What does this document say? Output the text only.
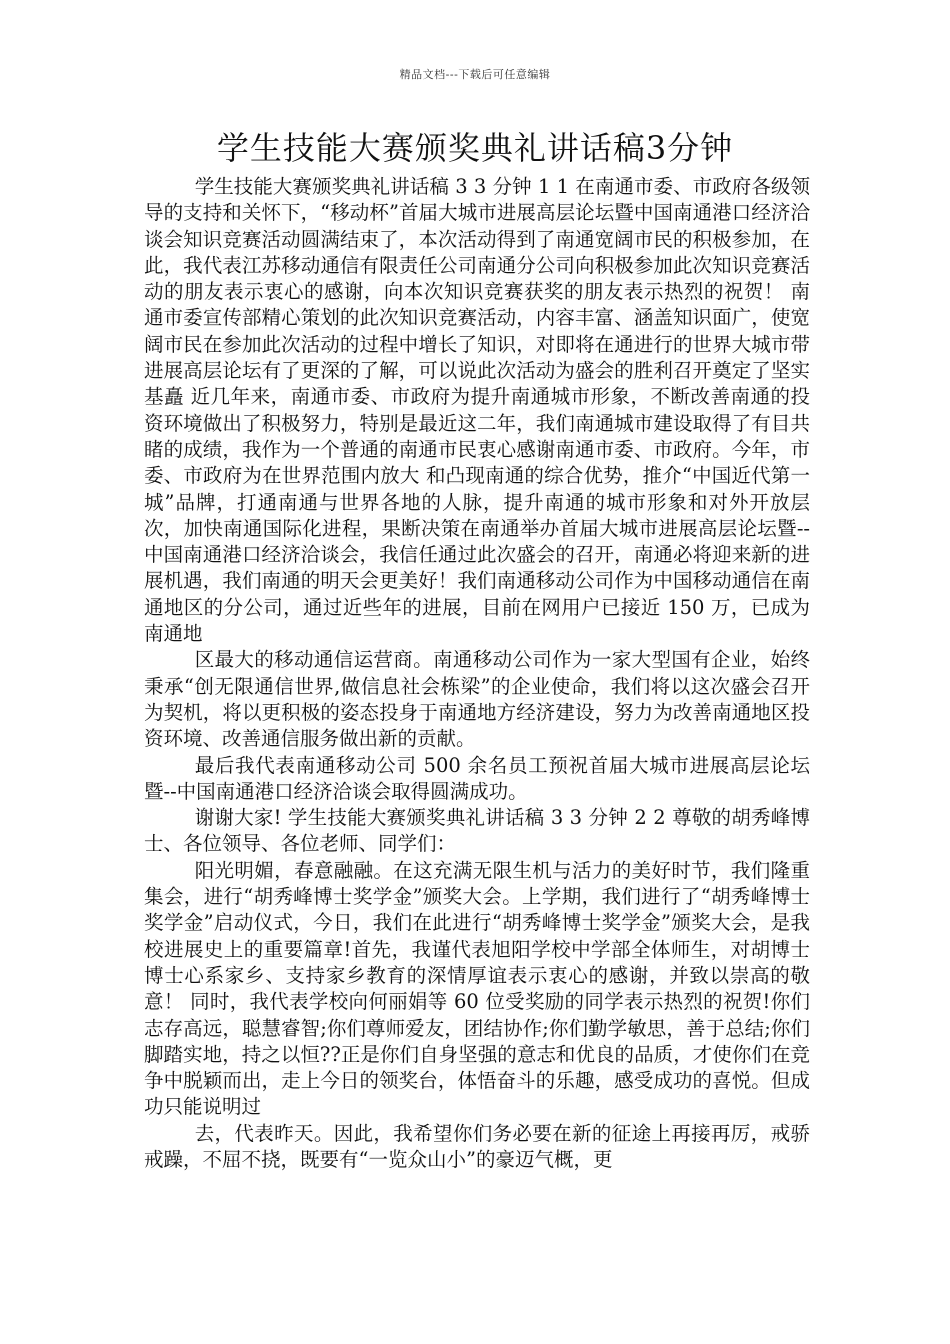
精品文档---下载后可任意编辑
学生技能大赛颁奖典礼讲话稿3分钟

学生技能大赛颁奖典礼讲话稿 3 3 分钟 1 1 在南通市委、市政府各级领导的支持和关怀下，“移动杯”首届大城市进展高层论坛暨中国南通港口经济洽谈会知识竞赛活动圆满结束了，本次活动得到了南通宽阔市民的积极参加，在此，我代表江苏移动通信有限责任公司南通分公司向积极参加此次知识竞赛活动的朋友表示衷心的感谢，向本次知识竞赛获奖的朋友表示热烈的祝贺！ 南通市委宣传部精心策划的此次知识竞赛活动，内容丰富、涵盖知识面广，使宽阔市民在参加此次活动的过程中增长了知识，对即将在通进行的世界大城市带进展高层论坛有了更深的了解，可以说此次活动为盛会的胜利召开奠定了坚实基矗 近几年来，南通市委、市政府为提升南通城市形象，不断改善南通的投资环境做出了积极努力，特别是最近这二年，我们南通城市建设取得了有目共睹的成绩，我作为一个普通的南通市民衷心感谢南通市委、市政府。今年，市委、市政府为在世界范围内放大 和凸现南通的综合优势，推介“中国近代第一城”品牌，打通南通与世界各地的人脉，提升南通的城市形象和对外开放层次，加快南通国际化进程，果断决策在南通举办首届大城市进展高层论坛暨--中国南通港口经济洽谈会，我信任通过此次盛会的召开，南通必将迎来新的进展机遇，我们南通的明天会更美好！我们南通移动公司作为中国移动通信在南通地区的分公司，通过近些年的进展，目前在网用户已接近 150 万，已成为南通地

区最大的移动通信运营商。南通移动公司作为一家大型国有企业，始终秉承“创无限通信世界,做信息社会栋梁”的企业使命，我们将以这次盛会召开为契机，将以更积极的姿态投身于南通地方经济建设，努力为改善南通地区投资环境、改善通信服务做出新的贡献。

最后我代表南通移动公司 500 余名员工预祝首届大城市进展高层论坛暨--中国南通港口经济洽谈会取得圆满成功。

谢谢大家! 学生技能大赛颁奖典礼讲话稿 3 3 分钟 2 2 尊敬的胡秀峰博士、各位领导、各位老师、同学们：

阳光明媚，春意融融。在这充满无限生机与活力的美好时节，我们隆重集会，进行“胡秀峰博士奖学金”颁奖大会。上学期，我们进行了“胡秀峰博士奖学金”启动仪式，今日，我们在此进行“胡秀峰博士奖学金”颁奖大会，是我校进展史上的重要篇章!首先，我谨代表旭阳学校中学部全体师生，对胡博士博士心系家乡、支持家乡教育的深情厚谊表示衷心的感谢，并致以崇高的敬意！ 同时，我代表学校向何丽娟等 60 位受奖励的同学表示热烈的祝贺!你们志存高远，聪慧睿智;你们尊师爱友，团结协作;你们勤学敏思，善于总结;你们脚踏实地，持之以恒??正是你们自身坚强的意志和优良的品质，才使你们在竞争中脱颖而出，走上今日的领奖台，体悟奋斗的乐趣，感受成功的喜悦。但成功只能说明过

去，代表昨天。因此，我希望你们务必要在新的征途上再接再厉，戒骄戒躁，不屈不挠，既要有“一览众山小”的豪迈气概，更
